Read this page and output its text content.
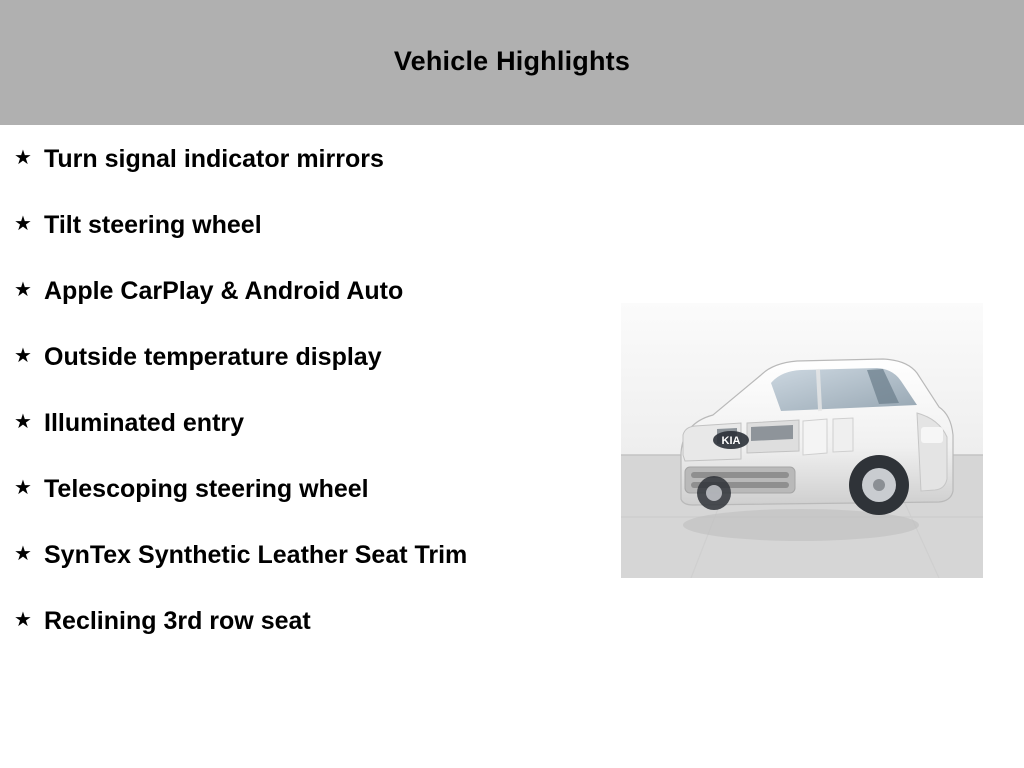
Vehicle Highlights
★ Turn signal indicator mirrors
★ Tilt steering wheel
★ Apple CarPlay & Android Auto
★ Outside temperature display
★ Illuminated entry
★ Telescoping steering wheel
★ SynTex Synthetic Leather Seat Trim
★ Reclining 3rd row seat
KIA
